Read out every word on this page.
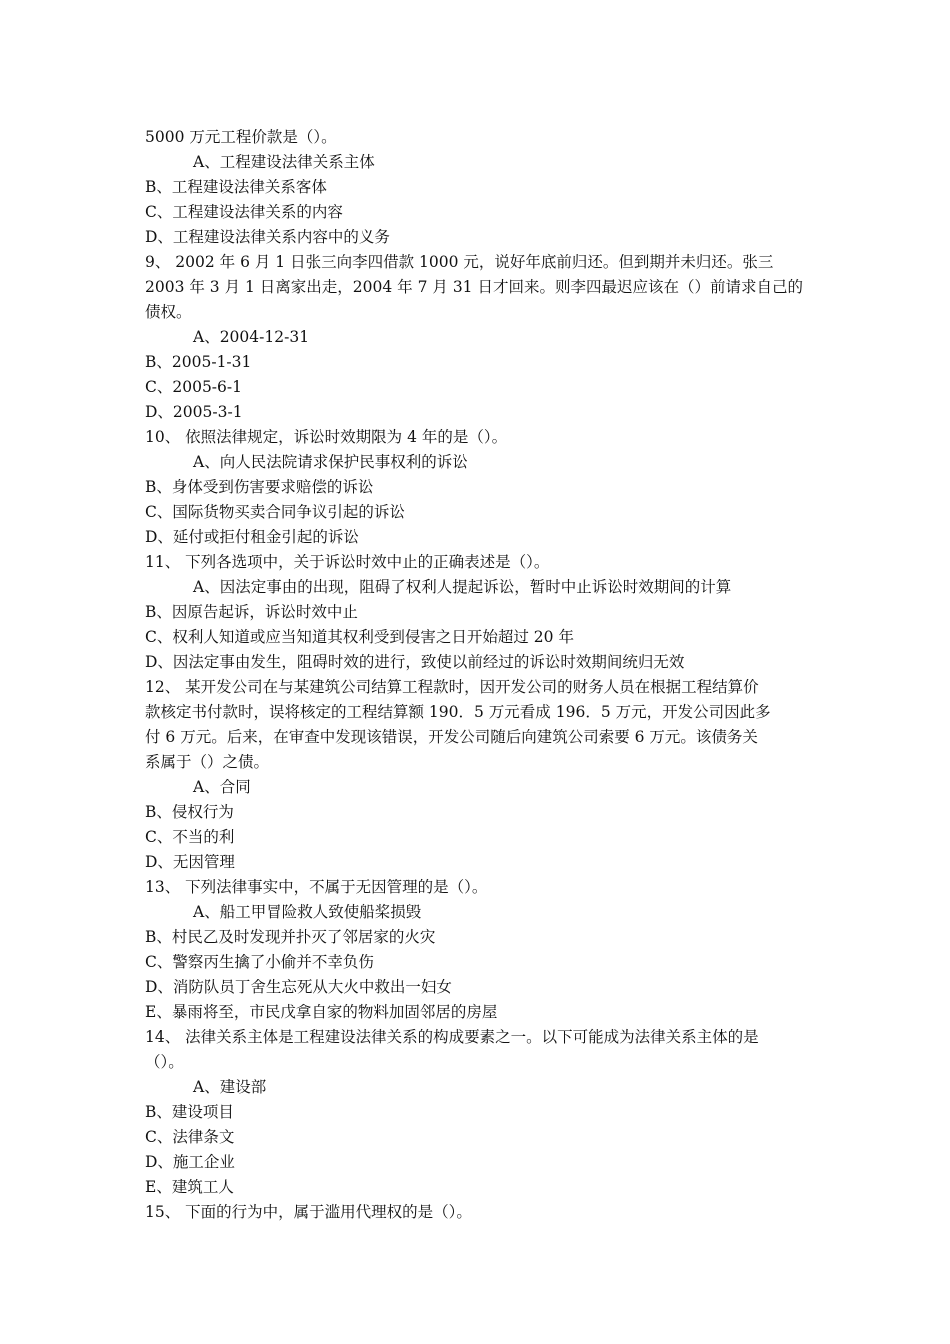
5000 万元工程价款是（）。
A、工程建设法律关系主体
B、工程建设法律关系客体
C、工程建设法律关系的内容
D、工程建设法律关系内容中的义务
9、 2002 年 6 月 1 日张三向李四借款 1000 元，说好年底前归还。但到期并未归还。张三
2003 年 3 月 1 日离家出走，2004 年 7 月 31 日才回来。则李四最迟应该在（）前请求自己的
债权。
A、2004-12-31
B、2005-1-31
C、2005-6-1
D、2005-3-1
10、 依照法律规定，诉讼时效期限为 4 年的是（）。
A、向人民法院请求保护民事权利的诉讼
B、身体受到伤害要求赔偿的诉讼
C、国际货物买卖合同争议引起的诉讼
D、延付或拒付租金引起的诉讼
11、 下列各选项中，关于诉讼时效中止的正确表述是（）。
A、因法定事由的出现，阻碍了权利人提起诉讼，暂时中止诉讼时效期间的计算
B、因原告起诉，诉讼时效中止
C、权利人知道或应当知道其权利受到侵害之日开始超过 20 年
D、因法定事由发生，阻碍时效的进行，致使以前经过的诉讼时效期间统归无效
12、 某开发公司在与某建筑公司结算工程款时，因开发公司的财务人员在根据工程结算价
款核定书付款时，误将核定的工程结算额 190．5 万元看成 196．5 万元，开发公司因此多
付 6 万元。后来，在审查中发现该错误，开发公司随后向建筑公司索要 6 万元。该债务关
系属于（）之债。
A、合同
B、侵权行为
C、不当的利
D、无因管理
13、 下列法律事实中，不属于无因管理的是（）。
A、船工甲冒险救人致使船桨损毁
B、村民乙及时发现并扑灭了邻居家的火灾
C、警察丙生擒了小偷并不幸负伤
D、消防队员丁舍生忘死从大火中救出一妇女
E、暴雨将至，市民戊拿自家的物料加固邻居的房屋
14、 法律关系主体是工程建设法律关系的构成要素之一。以下可能成为法律关系主体的是
（）。
A、建设部
B、建设项目
C、法律条文
D、施工企业
E、建筑工人
15、 下面的行为中，属于滥用代理权的是（）。
